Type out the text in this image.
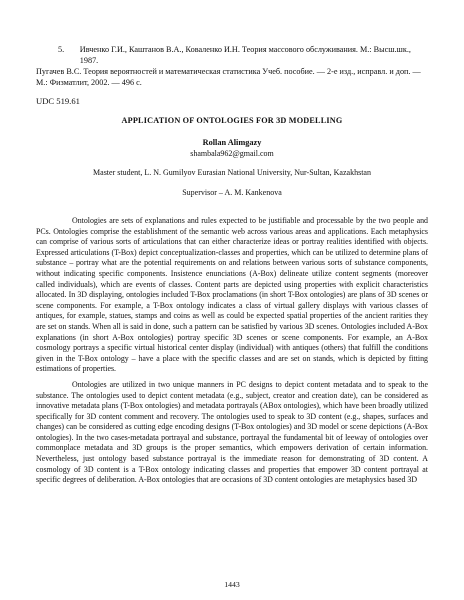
5.	Ивченко Г.И., Каштанов В.А., Коваленко И.Н. Теория массового обслуживания. М.: Высш.шк., 1987.
Пугачев В.С. Теория вероятностей и математическая статистика Учеб. пособие. — 2-е изд., исправл. и доп. — М.: Физматлит, 2002. — 496 с.
UDC 519.61
APPLICATION OF ONTOLOGIES FOR 3D MODELLING
Rollan Alimgazy
shambala962@gmail.com
Master student, L. N. Gumilyov Eurasian National University, Nur-Sultan, Kazakhstan
Supervisor – A. M. Kankenova

Ontologies are sets of explanations and rules expected to be justifiable and processable by the two people and PCs. Ontologies comprise the establishment of the semantic web across various areas and applications. Each metaphysics can comprise of various sorts of articulations that can either characterize ideas or portray realities identified with objects. Expressed articulations (T-Box) depict conceptualization-classes and properties, which can be utilized to determine plans of substance – portray what are the potential requirements on and relations between various sorts of substance components, without indicating specific components. Insistence enunciations (A-Box) delineate utilize content segments (moreover called individuals), which are events of classes. Content parts are depicted using properties with explicit characteristics allocated. In 3D displaying, ontologies included T-Box proclamations (in short T-Box ontologies) are plans of 3D scenes or scene components. For example, a T-Box ontology indicates a class of virtual gallery displays with various classes of antiques, for example, statues, stamps and coins as well as could be expected spatial properties of the ancient rarities they are set on stands. When all is said in done, such a pattern can be satisfied by various 3D scenes. Ontologies included A-Box explanations (in short A-Box ontologies) portray specific 3D scenes or scene components. For example, an A-Box cosmology portrays a specific virtual historical center display (individual) with antiques (others) that fulfill the conditions given in the T-Box ontology – have a place with the specific classes and are set on stands, which is depicted by fitting estimations of properties.

Ontologies are utilized in two unique manners in PC designs to depict content metadata and to speak to the substance. The ontologies used to depict content metadata (e.g., subject, creator and creation date), can be considered as innovative metadata plans (T-Box ontologies) and metadata portrayals (ABox ontologies), which have been broadly utilized specifically for 3D content comment and recovery. The ontologies used to speak to 3D content (e.g., shapes, surfaces and changes) can be considered as cutting edge encoding designs (T-Box ontologies) and 3D model or scene depictions (A-Box ontologies). In the two cases-metadata portrayal and substance, portrayal the fundamental bit of leeway of ontologies over commonplace metadata and 3D groups is the proper semantics, which empowers derivation of certain information. Nevertheless, just ontology based substance portrayal is the immediate reason for demonstrating of 3D content. A cosmology of 3D content is a T-Box ontology indicating classes and properties that empower 3D content portrayal at specific degrees of deliberation. A-Box ontologies that are occasions of 3D content ontologies are metaphysics based 3D

1443
